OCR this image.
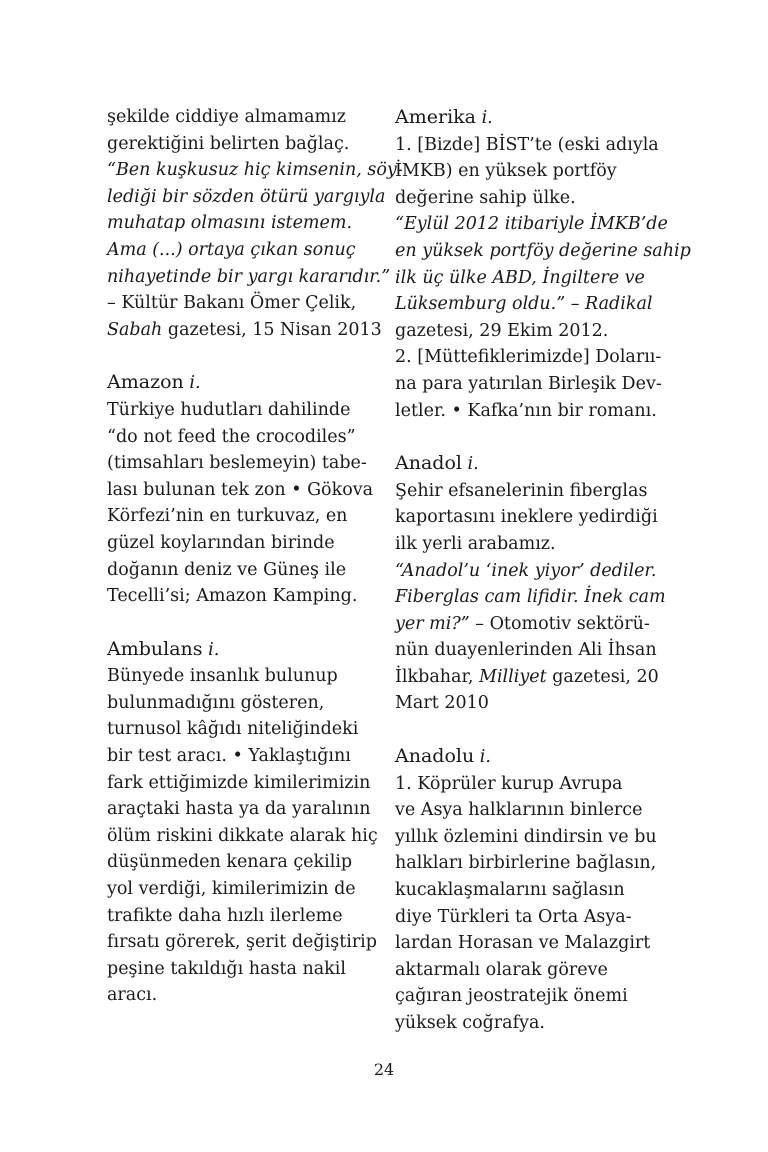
şekilde ciddiye almamamız
gerektiğini belirten bağlaç.
“Ben kuşkusuz hiç kimsenin, söy-
lediği bir sözden ötürü yargıyla
muhatap olmasını istemem.
Ama (...) ortaya çıkan sonuç
nihayetinde bir yargı kararıdır.”
– Kültür Bakanı Ömer Çelik,
Sabah gazetesi, 15 Nisan 2013
Amazon i.
Türkiye hudutları dahilinde
“do not feed the crocodiles”
(timsahları beslemeyin) tabe-
lası bulunan tek zon • Gökova
Körfezi’nin en turkuvaz, en
güzel koylarından birinde
doğanın deniz ve Güneş ile
Tecelli’si; Amazon Kamping.
Ambulans i.
Bünyede insanlık bulunup
bulunmadığını gösteren,
turnusol kâğıdı niteliğindeki
bir test aracı. • Yaklaştığını
fark ettiğimizde kimilerimizin
araçtaki hasta ya da yaralının
ölüm riskini dikkate alarak hiç
düşünmeden kenara çekilip
yol verdiği, kimilerimizin de
trafikte daha hızlı ilerleme
fırsatı görerek, şerit değiştirip
peşine takıldığı hasta nakil
aracı.
Amerika i.
1. [Bizde] BİST’te (eski adıyla
İMKB) en yüksek portföy
değerine sahip ülke.
“Eylül 2012 itibariyle İMKB’de
en yüksek portföy değerine sahip
ilk üç ülke ABD, İngiltere ve
Lüksemburg oldu.” – Radikal
gazetesi, 29 Ekim 2012.
2. [Müttefiklerimizde] Dolarıı-
na para yatırılan Birleşik Dev-
letler. • Kafka’nın bir romanı.
Anadol i.
Şehir efsanelerinin fiberglas
kaportasını ineklere yedirdiği
ilk yerli arabamız.
“Anadol’u ‘inek yiyor’ dediler.
Fiberglas cam lifidir. İnek cam
yer mi?” – Otomotiv sektörü-
nün duayenlerinden Ali İhsan
İlkbahar, Milliyet gazetesi, 20
Mart 2010
Anadolu i.
1. Köprüler kurup Avrupa
ve Asya halklarının binlerce
yıllık özlemini dindirsin ve bu
halkları birbirlerine bağlasın,
kucaklaşmalarını sağlasın
diye Türkleri ta Orta Asya-
lardan Horasan ve Malazgirt
aktarmalı olarak göreve
çağıran jeostratejik önemi
yüksek coğrafya.
24
